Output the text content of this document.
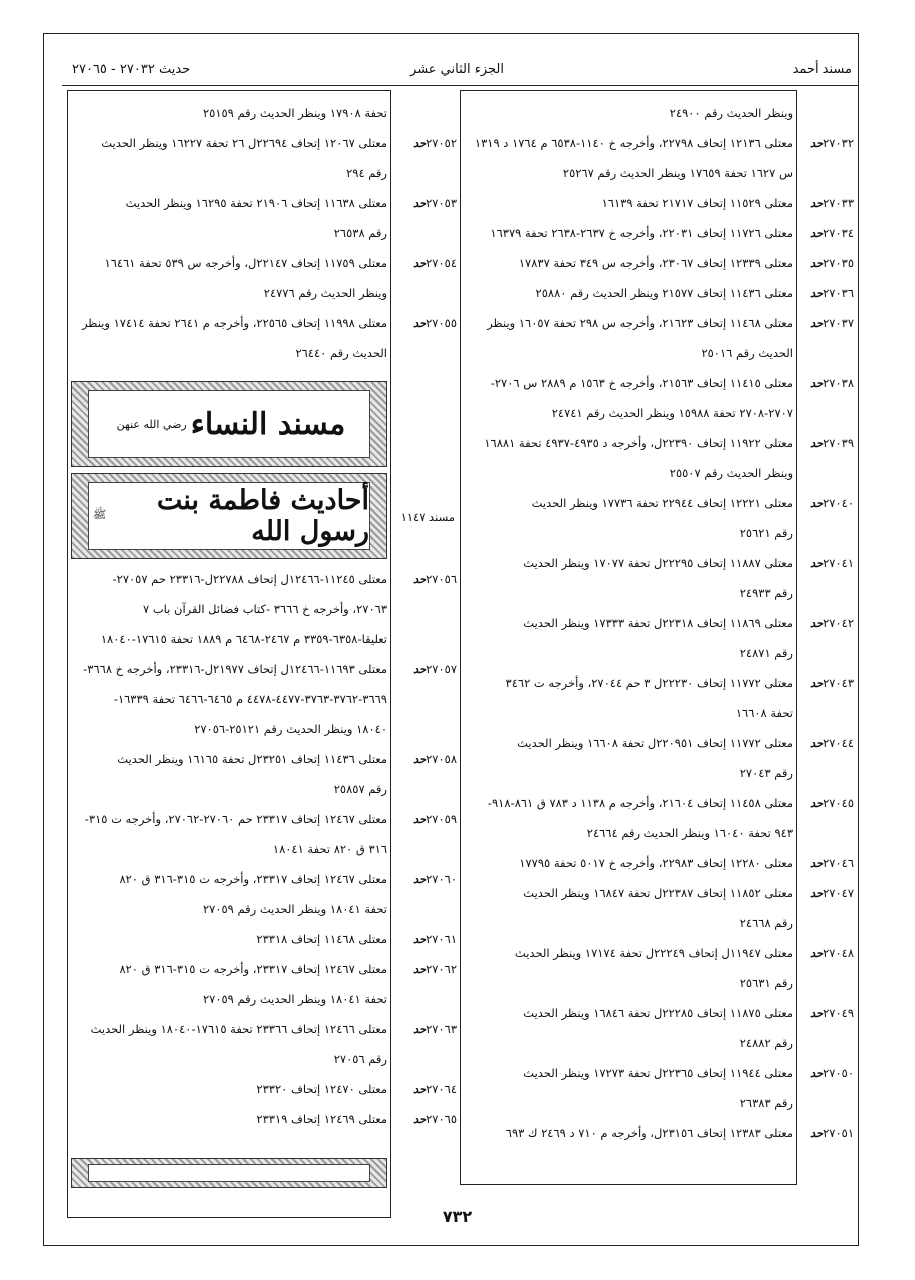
مسند أحمد
الجزء الثاني عشر
حديث ٢٧٠٣٢ - ٢٧٠٦٥
وينظر الحديث رقم ٢٤٩٠٠
٢٧٠٣٢حد
معتلى ١٢١٣٦ إتحاف ٢٢٧٩٨، وأخرجه خ ١١٤٠-٦٥٣٨ م ١٧٦٤ د ١٣١٩
س ١٦٢٧ تحفة ١٧٦٥٩ وينظر الحديث رقم ٢٥٢٦٧
٢٧٠٣٣حد
معتلى ١١٥٢٩ إتحاف ٢١٧١٧ تحفة ١٦١٣٩
٢٧٠٣٤حد
معتلى ١١٧٢٦ إتحاف ٢٢٠٣١، وأخرجه خ ٢٦٣٧-٢٦٣٨ تحفة ١٦٣٧٩
٢٧٠٣٥حد
معتلى ١٢٣٣٩ إتحاف ٢٣٠٦٧، وأخرجه س ٣٤٩ تحفة ١٧٨٣٧
٢٧٠٣٦حد
معتلى ١١٤٣٦ إتحاف ٢١٥٧٧ وينظر الحديث رقم ٢٥٨٨٠
٢٧٠٣٧حد
معتلى ١١٤٦٨ إتحاف ٢١٦٢٣، وأخرجه س ٢٩٨ تحفة ١٦٠٥٧ وينظر
الحديث رقم ٢٥٠١٦
٢٧٠٣٨حد
معتلى ١١٤١٥ إتحاف ٢١٥٦٣، وأخرجه خ ١٥٦٣ م ٢٨٨٩ س ٢٧٠٦-
٢٧٠٧-٢٧٠٨ تحفة ١٥٩٨٨ وينظر الحديث رقم ٢٤٧٤١
٢٧٠٣٩حد
معتلى ١١٩٢٢ إتحاف ٢٢٣٩٠ل، وأخرجه د ٤٩٣٥-٤٩٣٧ تحفة ١٦٨٨١
وينظر الحديث رقم ٢٥٥٠٧
٢٧٠٤٠حد
معتلى ١٢٢٢١ إتحاف ٢٢٩٤٤ تحفة ١٧٧٣٦ وينظر الحديث
رقم ٢٥٦٢١
٢٧٠٤١حد
معتلى ١١٨٨٧ إتحاف ٢٢٢٩٥ل تحفة ١٧٠٧٧ وينظر الحديث
رقم ٢٤٩٣٣
٢٧٠٤٢حد
معتلى ١١٨٦٩ إتحاف ٢٢٣١٨ل تحفة ١٧٣٣٣ وينظر الحديث
رقم ٢٤٨٧١
٢٧٠٤٣حد
معتلى ١١٧٧٢ إتحاف ٢٢٢٣٠ل ٣ حم ٢٧٠٤٤، وأخرجه ت ٣٤٦٢
تحفة ١٦٦٠٨
٢٧٠٤٤حد
معتلى ١١٧٧٢ إتحاف ٢٢٠٩٥١ل تحفة ١٦٦٠٨ وينظر الحديث
رقم ٢٧٠٤٣
٢٧٠٤٥حد
معتلى ١١٤٥٨ إتحاف ٢١٦٠٤، وأخرجه م ١١٣٨ د ٧٨٣ ق ٨٦١-٩١٨-
٩٤٣ تحفة ١٦٠٤٠ وينظر الحديث رقم ٢٤٦٦٤
٢٧٠٤٦حد
معتلى ١٢٢٨٠ إتحاف ٢٢٩٨٣، وأخرجه خ ٥٠١٧ تحفة ١٧٧٩٥
٢٧٠٤٧حد
معتلى ١١٨٥٢ إتحاف ٢٢٣٨٧ل تحفة ١٦٨٤٧ وينظر الحديث
رقم ٢٤٦٦٨
٢٧٠٤٨حد
معتلى ١١٩٤٧ل إتحاف ٢٢٢٤٩ل تحفة ١٧١٧٤ وينظر الحديث
رقم ٢٥٦٣١
٢٧٠٤٩حد
معتلى ١١٨٧٥ إتحاف ٢٢٢٨٥ل تحفة ١٦٨٤٦ وينظر الحديث
رقم ٢٤٨٨٢
٢٧٠٥٠حد
معتلى ١١٩٤٤ إتحاف ٢٢٣٦٥ل تحفة ١٧٢٧٣ وينظر الحديث
رقم ٢٦٣٨٣
٢٧٠٥١حد
معتلى ١٢٣٨٣ إتحاف ٢٣١٥٦ل، وأخرجه م ٧١٠ د ٢٤٦٩ ك ٦٩٣
تحفة ١٧٩٠٨ وينظر الحديث رقم ٢٥١٥٩
٢٧٠٥٢حد
معتلى ١٢٠٦٧ إتحاف ٢٢٦٩٤ل ٢٦ تحفة ١٦٢٢٧ وينظر الحديث
رقم ٢٩٤
٢٧٠٥٣حد
معتلى ١١٦٣٨ إتحاف ٢١٩٠٦ تحفة ١٦٢٩٥ وينظر الحديث
رقم ٢٦٥٣٨
٢٧٠٥٤حد
معتلى ١١٧٥٩ إتحاف ٢٢١٤٧ل، وأخرجه س ٥٣٩ تحفة ١٦٤٦١
وينظر الحديث رقم ٢٤٧٧٦
٢٧٠٥٥حد
معتلى ١١٩٩٨ إتحاف ٢٢٥٦٥، وأخرجه م ٢٦٤١ تحفة ١٧٤١٤ وينظر
الحديث رقم ٢٦٤٤٠
٢٧٠٥٦حد
معتلى ١١٢٤٥-١٢٤٦٦ل إتحاف ٢٢٧٨٨ل-٢٣٣١٦ حم ٢٧٠٥٧-
٢٧٠٦٣، وأخرجه خ ٣٦٦٦ -كتاب فضائل القرآن باب ٧
تعليقا-٦٣٥٨-٣٣٥٩ م ٢٤٦٧-٦٤٦٨ م ١٨٨٩ تحفة ١٧٦١٥-١٨٠٤٠
٢٧٠٥٧حد
معتلى ١١٦٩٣-١٢٤٦٦ل إتحاف ٢١٩٧٧ل-٢٣٣١٦، وأخرجه خ ٣٦٦٨-
٣٦٦٩-٣٧٦٢-٣٧٦٣-٤٤٧٧-٤٤٧٨ م ٦٤٦٥-٦٤٦٦ تحفة ١٦٣٣٩-
١٨٠٤٠ وينظر الحديث رقم ٢٥١٢١-٢٧٠٥٦
٢٧٠٥٨حد
معتلى ١١٤٣٦ إتحاف ٢٣٢٥١ل تحفة ١٦١٦٥ وينظر الحديث
رقم ٢٥٨٥٧
٢٧٠٥٩حد
معتلى ١٢٤٦٧ إتحاف ٢٣٣١٧ حم ٢٧٠٦٠-٢٧٠٦٢، وأخرجه ت ٣١٥-
٣١٦ ق ٨٢٠ تحفة ١٨٠٤١
٢٧٠٦٠حد
معتلى ١٢٤٦٧ إتحاف ٢٣٣١٧، وأخرجه ت ٣١٥-٣١٦ ق ٨٢٠
تحفة ١٨٠٤١ وينظر الحديث رقم ٢٧٠٥٩
٢٧٠٦١حد
معتلى ١١٤٦٨ إتحاف ٢٣٣١٨
٢٧٠٦٢حد
معتلى ١٢٤٦٧ إتحاف ٢٣٣١٧، وأخرجه ت ٣١٥-٣١٦ ق ٨٢٠
تحفة ١٨٠٤١ وينظر الحديث رقم ٢٧٠٥٩
٢٧٠٦٣حد
معتلى ١٢٤٦٦ إتحاف ٢٣٣٦٦ تحفة ١٧٦١٥-١٨٠٤٠ وينظر الحديث
رقم ٢٧٠٥٦
٢٧٠٦٤حد
معتلى ١٢٤٧٠ إتحاف ٢٣٣٢٠
٢٧٠٦٥حد
معتلى ١٢٤٦٩ إتحاف ٢٣٣١٩
مسند النساء
رضي الله عنهن
أحاديث فاطمة بنت رسول الله
ﷺ	مسند ١١٤٧
٧٣٢
